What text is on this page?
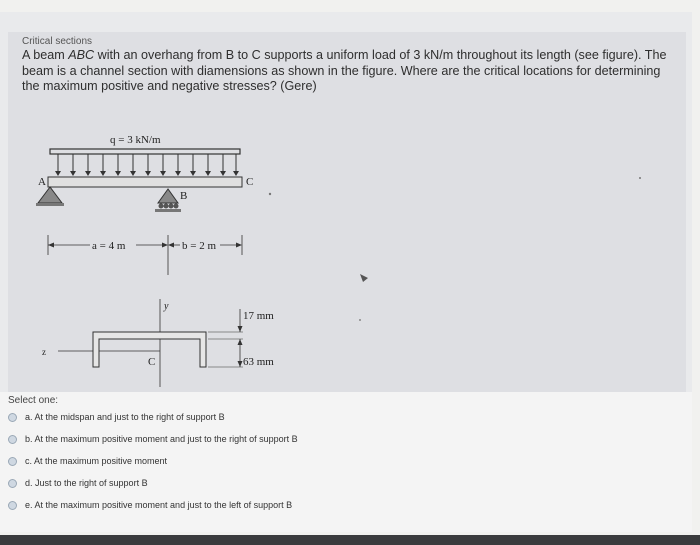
Critical sections

A beam ABC with an overhang from B to C supports a uniform load of 3 kN/m throughout its length (see figure). The beam is a channel section with diamensions as shown in the figure. Where are the critical locations for determining the maximum positive and negative stresses? (Gere)

q = 3 kN/m
A	C
B
a = 4 m	b = 2 m
y
z
C
17 mm
63 mm
Select one:
a. At the midspan and just to the right of support B
b. At the maximum positive moment and just to the right of support B
c. At the maximum positive moment
d. Just to the right of support B
e. At the maximum positive moment and just to the left of support B
